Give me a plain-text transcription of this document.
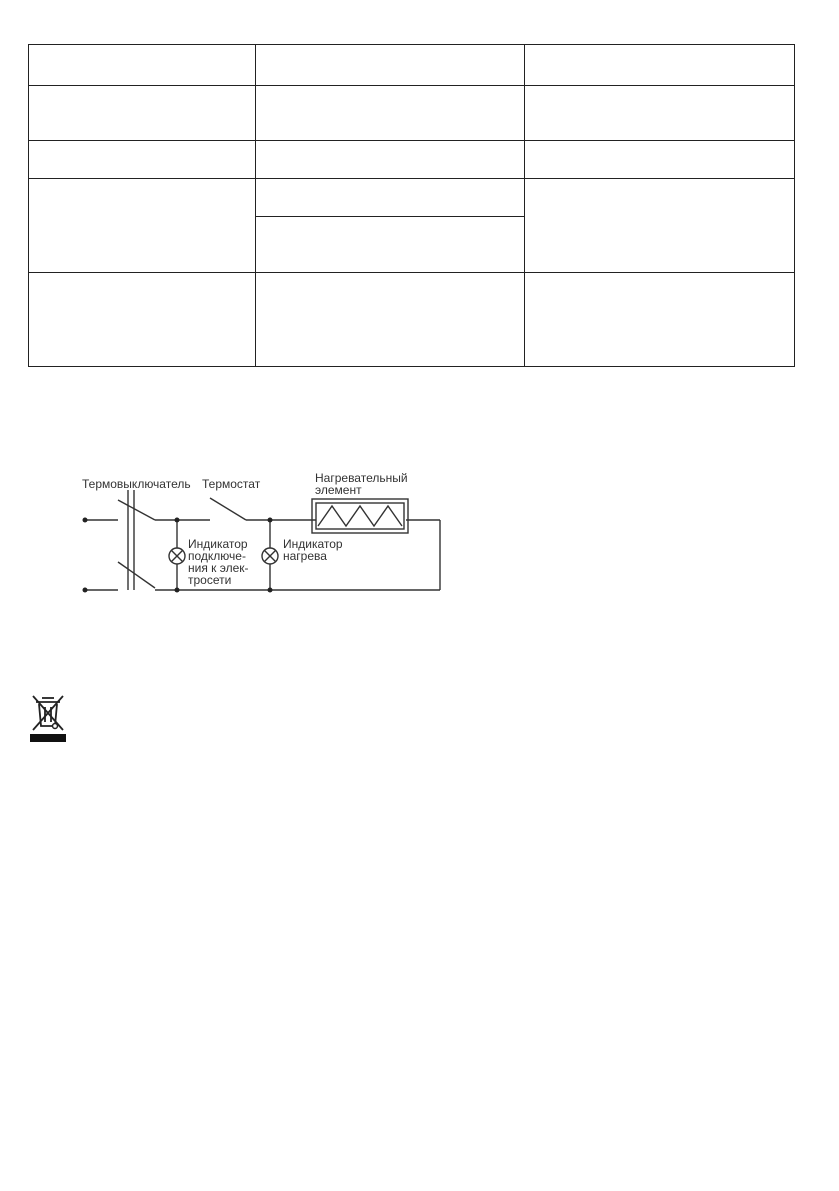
Термовыключатель Термостат	Нагревательный
элемент
Индикатор
подключе-
ния к элек-
тросети
Индикатор
нагрева
